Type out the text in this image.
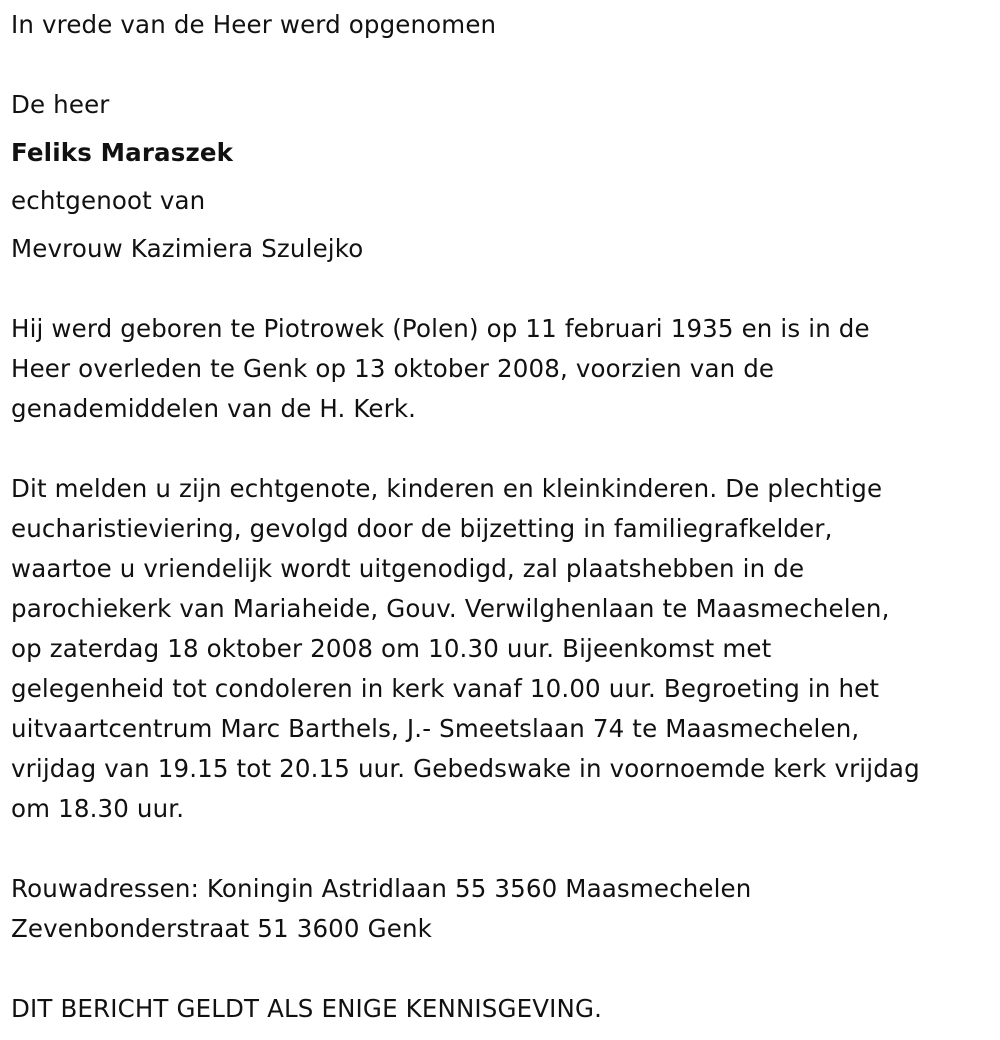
In vrede van de Heer werd opgenomen
De heer
Feliks Maraszek
echtgenoot van
Mevrouw Kazimiera Szulejko
Hij werd geboren te Piotrowek (Polen) op 11 februari 1935 en is in de
Heer overleden te Genk op 13 oktober 2008, voorzien van de
genademiddelen van de H. Kerk.
Dit melden u zijn echtgenote, kinderen en kleinkinderen. De plechtige
eucharistieviering, gevolgd door de bijzetting in familiegrafkelder,
waartoe u vriendelijk wordt uitgenodigd, zal plaatshebben in de
parochiekerk van Mariaheide, Gouv. Verwilghenlaan te Maasmechelen,
op zaterdag 18 oktober 2008 om 10.30 uur. Bijeenkomst met
gelegenheid tot condoleren in kerk vanaf 10.00 uur. Begroeting in het
uitvaartcentrum Marc Barthels, J.- Smeetslaan 74 te Maasmechelen,
vrijdag van 19.15 tot 20.15 uur. Gebedswake in voornoemde kerk vrijdag
om 18.30 uur.
Rouwadressen: Koningin Astridlaan 55 3560 Maasmechelen
Zevenbonderstraat 51 3600 Genk
DIT BERICHT GELDT ALS ENIGE KENNISGEVING.
